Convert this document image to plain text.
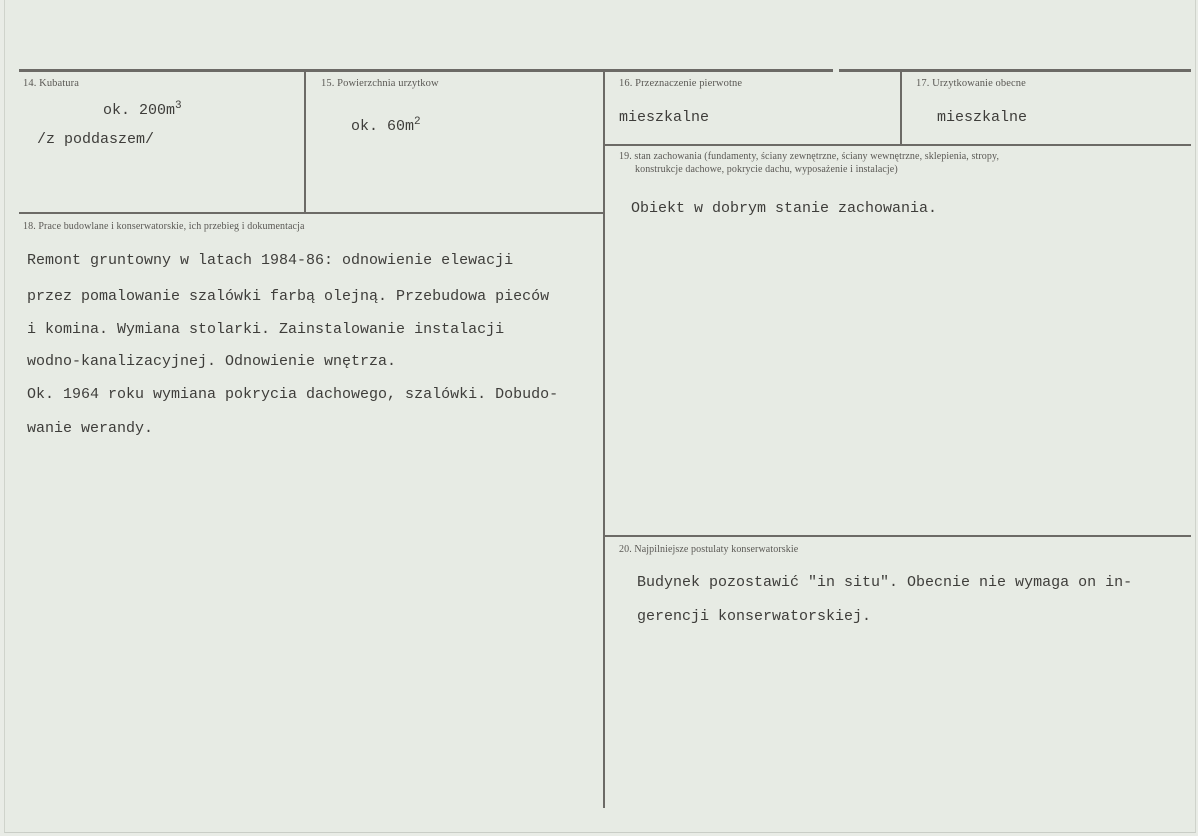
14. Kubatura
ok. $200m^3$
/z poddaszem/
15. Powierzchnia urzytkow
ok. $60m^2$
16. Przeznaczenie pierwotne
mieszkalne
17. Urzytkowanie obecne
mieszkalne
19. stan zachowania (fundamenty, ściany zewnętrzne, ściany wewnętrzne, sklepienia, stropy,
konstrukcje dachowe, pokrycie dachu, wyposażenie i instalacje)
Obiekt w dobrym stanie zachowania.
18. Prace budowlane i konserwatorskie, ich przebieg i dokumentacja
Remont gruntowny w latach 1984-86: odnowienie elewacji
przez pomalowanie szalówki farbą olejną. Przebudowa pieców
i komina. Wymiana stolarki. Zainstalowanie instalacji
wodno-kanalizacyjnej. Odnowienie wnętrza.
Ok. 1964 roku wymiana pokrycia dachowego, szalówki. Dobudo-
wanie werandy.
20. Najpilniejsze postulaty konserwatorskie
Budynek pozostawić "in situ". Obecnie nie wymaga on in-
gerencji konserwatorskiej.
